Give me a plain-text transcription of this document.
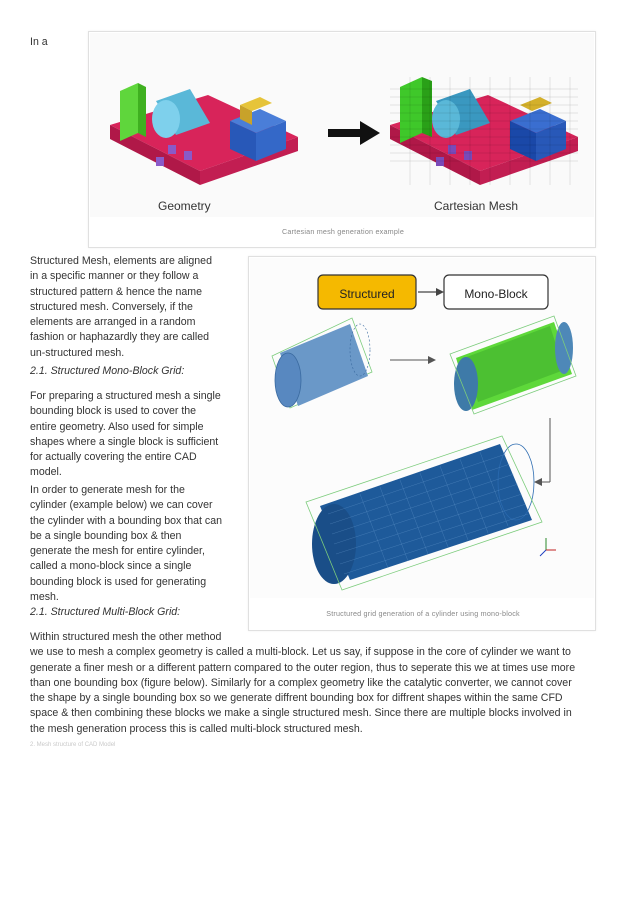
In a

Geometry	Cartesian Mesh
Cartesian mesh generation example
Structured Mesh, elements are aligned
in a specific manner or they follow a
structured pattern & hence the name
structured mesh. Conversely, if the
elements are arranged in a random
fashion or haphazardly they are called
un-structured mesh.
2.1. Structured Mono-Block Grid:
For preparing a structured mesh a single
bounding block is used to cover the
entire geometry. Also used for simple
shapes where a single block is sufficient
for actually covering the entire CAD
model.
In order to generate mesh for the
cylinder (example below) we can cover
the cylinder with a bounding box that can
be a single bounding box & then
generate the mesh for entire cylinder,
called a mono-block since a single
bounding block is used for generating
mesh.
2.1. Structured Multi-Block Grid:
Structured	Mono-Block
Structured grid generation of a cylinder using mono-block
Within structured mesh the other method
we use to mesh a complex geometry is called a multi-block. Let us say, if suppose in the core of cylinder we want to
generate a finer mesh or a different pattern compared to the outer region, thus to seperate this we at times use more
than one bounding box (figure below). Similarly for a complex geometry like the catalytic converter, we cannot cover
the shape by a single bounding box so we generate diffrent bounding box for diffrent shapes within the same CFD
space & then combining these blocks we make a single structured mesh. Since there are multiple blocks involved in
the mesh generation process this is called multi-block structured mesh.
2. Mesh structure of CAD Model
